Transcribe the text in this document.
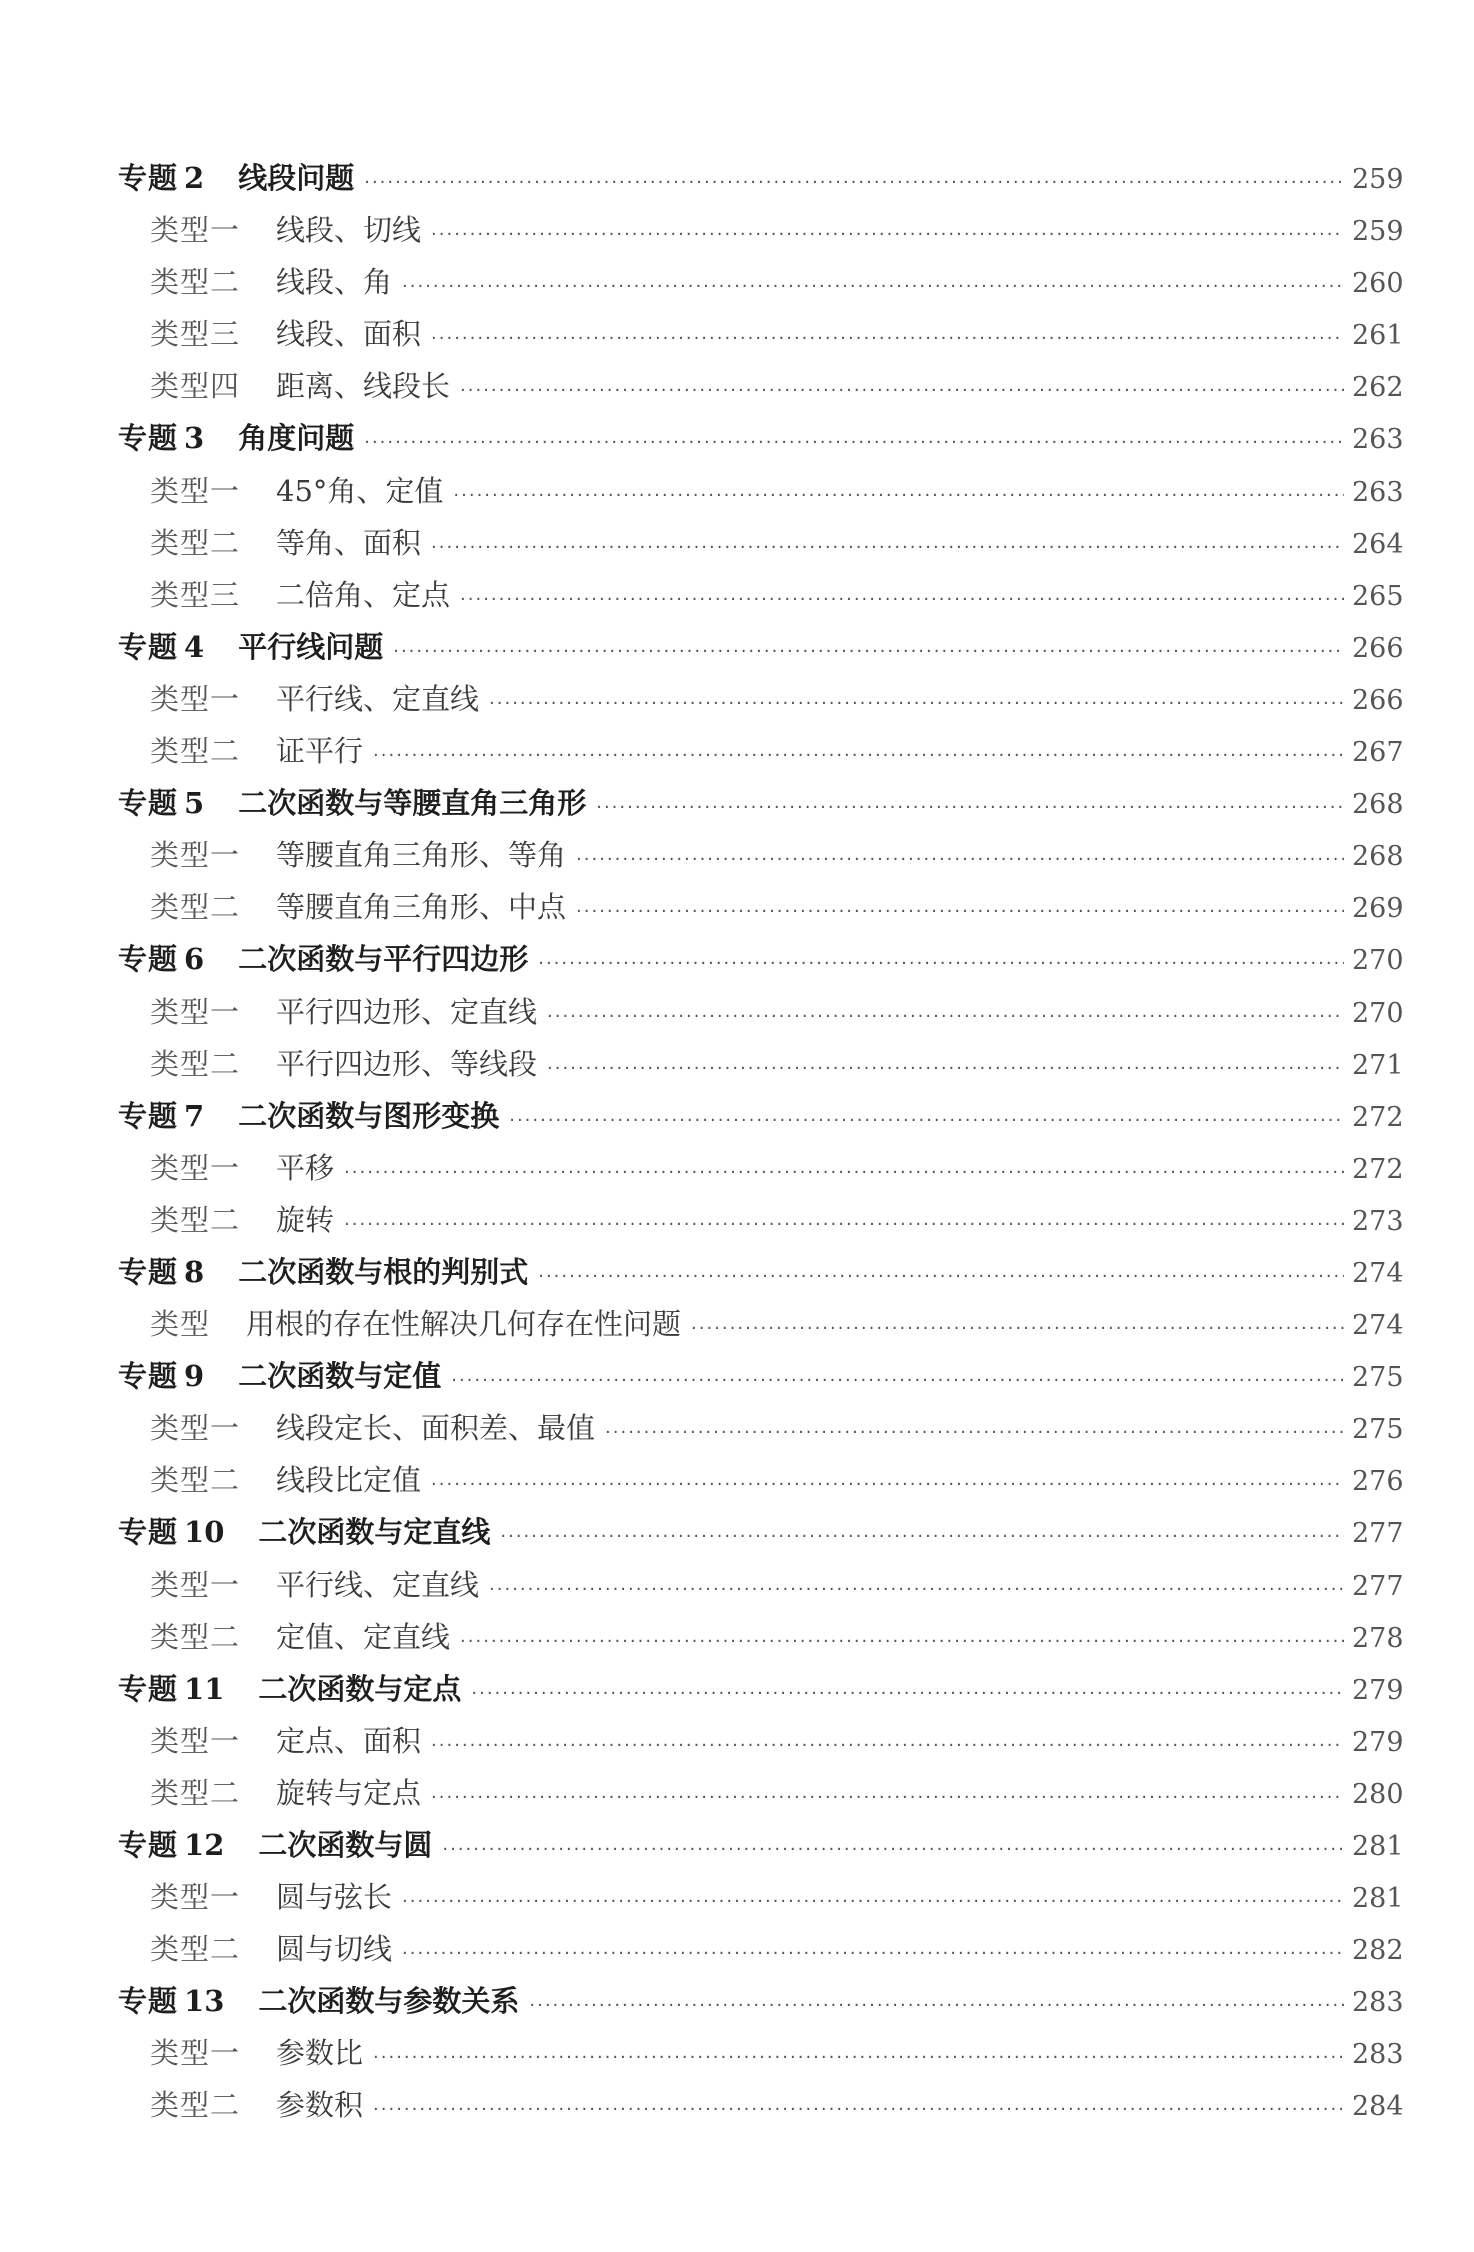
专题 2 线段问题 ·····	259
类型一 线段、切线 ·····	259
类型二 线段、角 ·····	260
类型三 线段、面积 ·····	261
类型四 距离、线段长 ·····	262
专题 3 角度问题 ·····	263
类型一 45°角、定值 ·····	263
类型二 等角、面积 ·····	264
类型三 二倍角、定点 ·····	265
专题 4 平行线问题 ·····	266
类型一 平行线、定直线 ·····	266
类型二 证平行 ·····	267
专题 5 二次函数与等腰直角三角形 ·····	268
类型一 等腰直角三角形、等角 ·····	268
类型二 等腰直角三角形、中点 ·····	269
专题 6 二次函数与平行四边形 ·····	270
类型一 平行四边形、定直线 ·····	270
类型二 平行四边形、等线段 ·····	271
专题 7 二次函数与图形变换 ·····	272
类型一 平移 ·····	272
类型二 旋转 ·····	273
专题 8 二次函数与根的判别式 ·····	274
类型 用根的存在性解决几何存在性问题 ·····	274
专题 9 二次函数与定值 ·····	275
类型一 线段定长、面积差、最值 ·····	275
类型二 线段比定值 ·····	276
专题 10 二次函数与定直线 ·····	277
类型一 平行线、定直线 ·····	277
类型二 定值、定直线 ·····	278
专题 11 二次函数与定点 ·····	279
类型一 定点、面积 ·····	279
类型二 旋转与定点 ·····	280
专题 12 二次函数与圆 ·····	281
类型一 圆与弦长 ·····	281
类型二 圆与切线 ·····	282
专题 13 二次函数与参数关系 ·····	283
类型一 参数比 ·····	283
类型二 参数积 ·····	284
